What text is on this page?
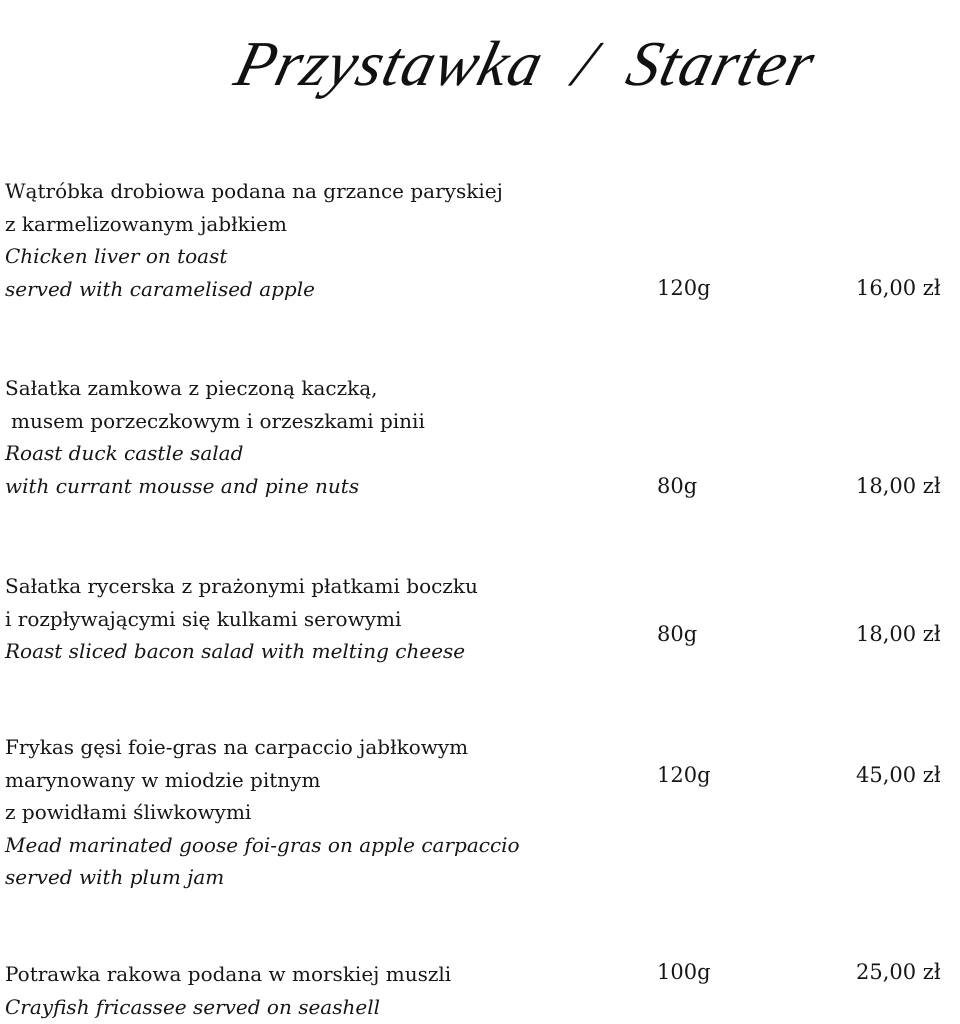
Przystawka / Starter
Wątróbka drobiowa podana na grzance paryskiej
z karmelizowanym jabłkiem
Chicken liver on toast
served with caramelised apple	120g	16,00 zł
Sałatka zamkowa z pieczoną kaczką,
musem porzeczkowym i orzeszkami pinii
Roast duck castle salad
with currant mousse and pine nuts	80g	18,00 zł
Sałatka rycerska z prażonymi płatkami boczku
i rozpływającymi się kulkami serowymi
Roast sliced bacon salad with melting cheese
80g	18,00 zł
Frykas gęsi foie-gras na carpaccio jabłkowym
marynowany w miodzie pitnym
z powidłami śliwkowymi
Mead marinated goose foi-gras on apple carpaccio
served with plum jam
120g	45,00 zł
Potrawka rakowa podana w morskiej muszli
Crayfish fricassee served on seashell
100g	25,00 zł
